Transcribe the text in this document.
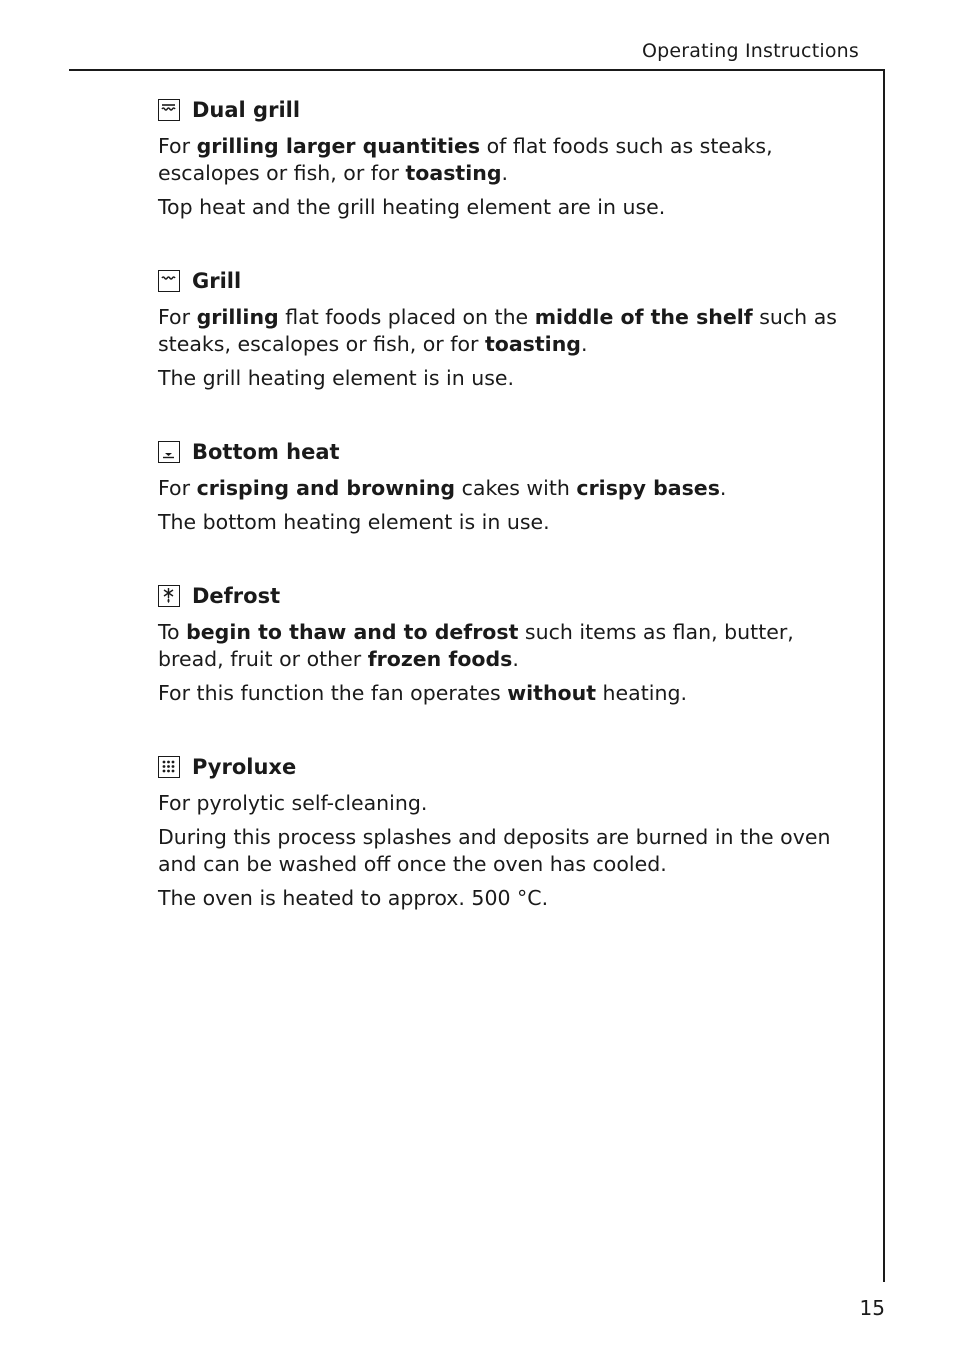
Operating Instructions
Dual grill

For grilling larger quantities of flat foods such as steaks, escalopes or fish, or for toasting.

Top heat and the grill heating element are in use.

Grill

For grilling flat foods placed on the middle of the shelf such as steaks, escalopes or fish, or for toasting.

The grill heating element is in use.

Bottom heat

For crisping and browning cakes with crispy bases.

The bottom heating element is in use.

Defrost

To begin to thaw and to defrost such items as flan, butter, bread, fruit or other frozen foods.

For this function the fan operates without heating.

Pyroluxe

For pyrolytic self-cleaning.

During this process splashes and deposits are burned in the oven and can be washed off once the oven has cooled.

The oven is heated to approx. 500 °C.

15
